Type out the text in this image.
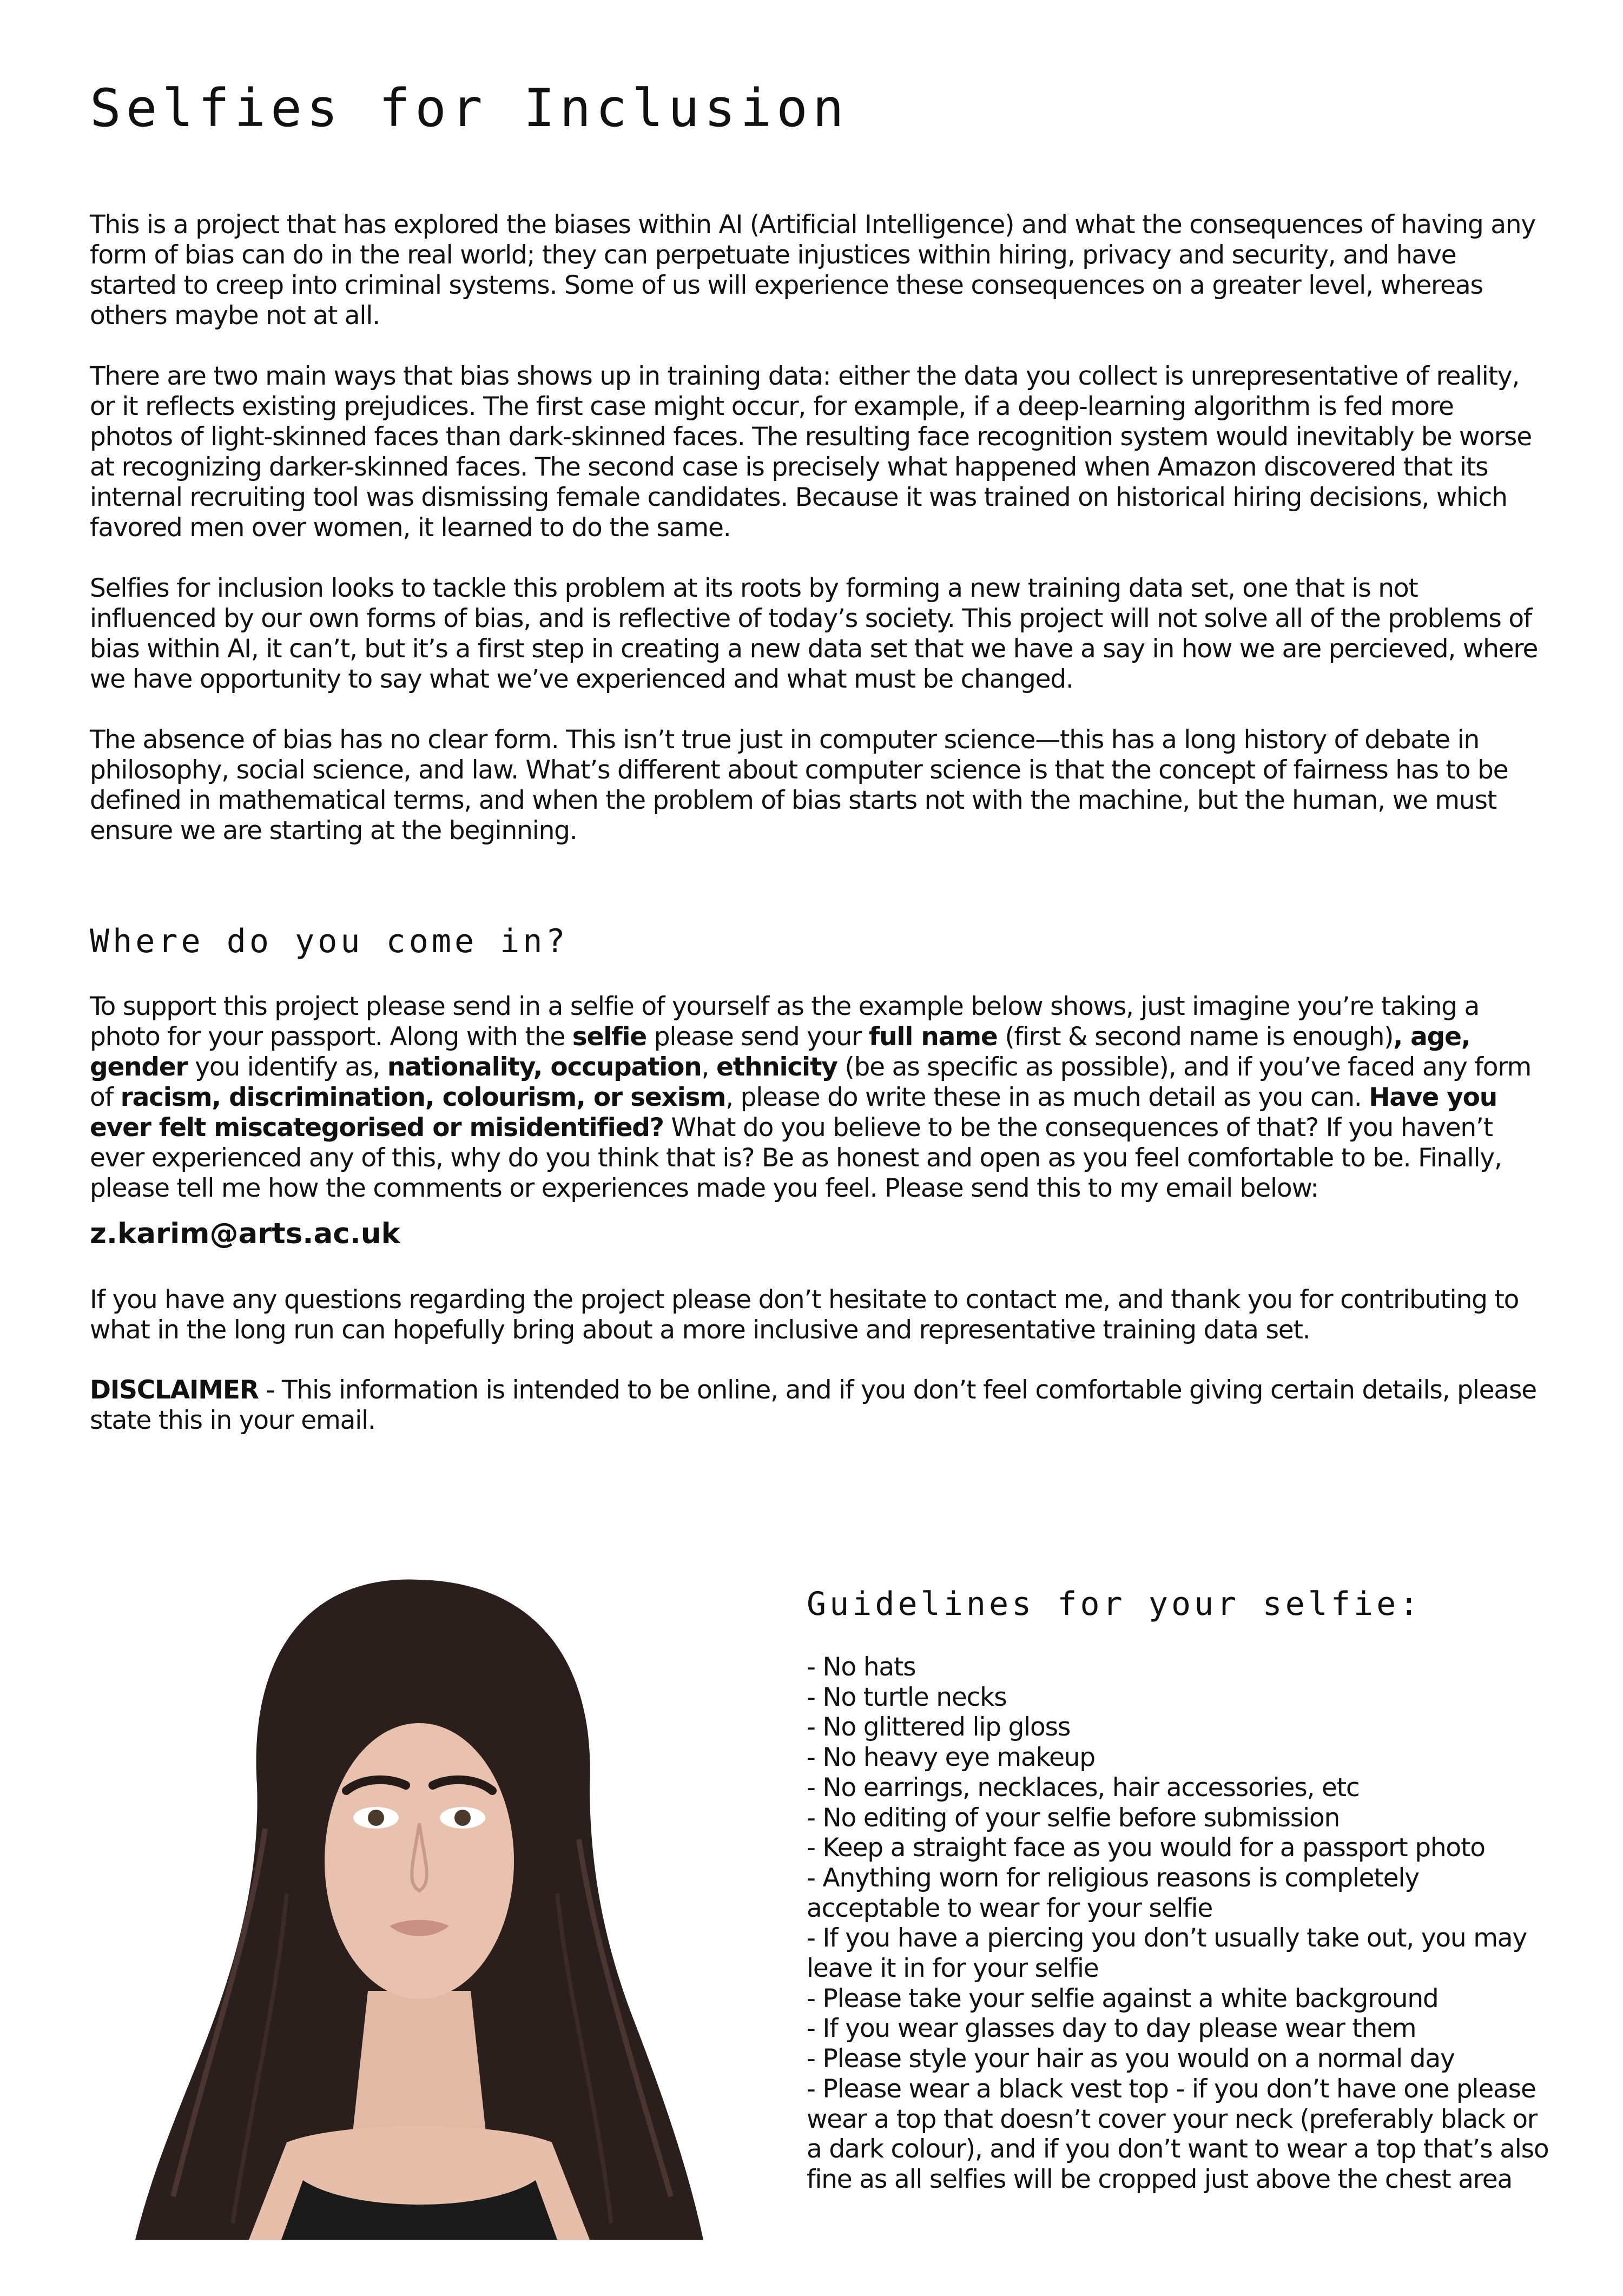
Selfies for Inclusion

This is a project that has explored the biases within AI (Artificial Intelligence) and what the consequences of having any form of bias can do in the real world; they can perpetuate injustices within hiring, privacy and security, and have started to creep into criminal systems. Some of us will experience these consequences on a greater level, whereas others maybe not at all.

There are two main ways that bias shows up in training data: either the data you collect is unrepresentative of reality, or it reflects existing prejudices. The first case might occur, for example, if a deep-learning algorithm is fed more photos of light-skinned faces than dark-skinned faces. The resulting face recognition system would inevitably be worse at recognizing darker-skinned faces. The second case is precisely what happened when Amazon discovered that its internal recruiting tool was dismissing female candidates. Because it was trained on historical hiring decisions, which favored men over women, it learned to do the same.

Selfies for inclusion looks to tackle this problem at its roots by forming a new training data set, one that is not influenced by our own forms of bias, and is reflective of today’s society. This project will not solve all of the problems of bias within AI, it can’t, but it’s a first step in creating a new data set that we have a say in how we are percieved, where we have opportunity to say what we’ve experienced and what must be changed.

The absence of bias has no clear form. This isn’t true just in computer science—this has a long history of debate in philosophy, social science, and law. What’s different about computer science is that the concept of fairness has to be defined in mathematical terms, and when the problem of bias starts not with the machine, but the human, we must ensure we are starting at the beginning.

Where do you come in?

To support this project please send in a selfie of yourself as the example below shows, just imagine you’re taking a photo for your passport. Along with the selfie please send your full name (first & second name is enough), age, gender you identify as, nationality, occupation, ethnicity (be as specific as possible), and if you’ve faced any form of racism, discrimination, colourism, or sexism, please do write these in as much detail as you can. Have you ever felt miscategorised or misidentified? What do you believe to be the consequences of that? If you haven’t ever experienced any of this, why do you think that is? Be as honest and open as you feel comfortable to be. Finally, please tell me how the comments or experiences made you feel. Please send this to my email below:

z.karim@arts.ac.uk

If you have any questions regarding the project please don’t hesitate to contact me, and thank you for contributing to what in the long run can hopefully bring about a more inclusive and representative training data set.

DISCLAIMER - This information is intended to be online, and if you don’t feel comfortable giving certain details, please state this in your email.

Guidelines for your selfie:
- No hats
- No turtle necks
- No glittered lip gloss
- No heavy eye makeup
- No earrings, necklaces, hair accessories, etc
- No editing of your selfie before submission
- Keep a straight face as you would for a passport photo
- Anything worn for religious reasons is completely acceptable to wear for your selfie
- If you have a piercing you don’t usually take out, you may leave it in for your selfie
- Please take your selfie against a white background
- If you wear glasses day to day please wear them
- Please style your hair as you would on a normal day
- Please wear a black vest top - if you don’t have one please wear a top that doesn’t cover your neck (preferably black or a dark colour), and if you don’t want to wear a top that’s also fine as all selfies will be cropped just above the chest area
